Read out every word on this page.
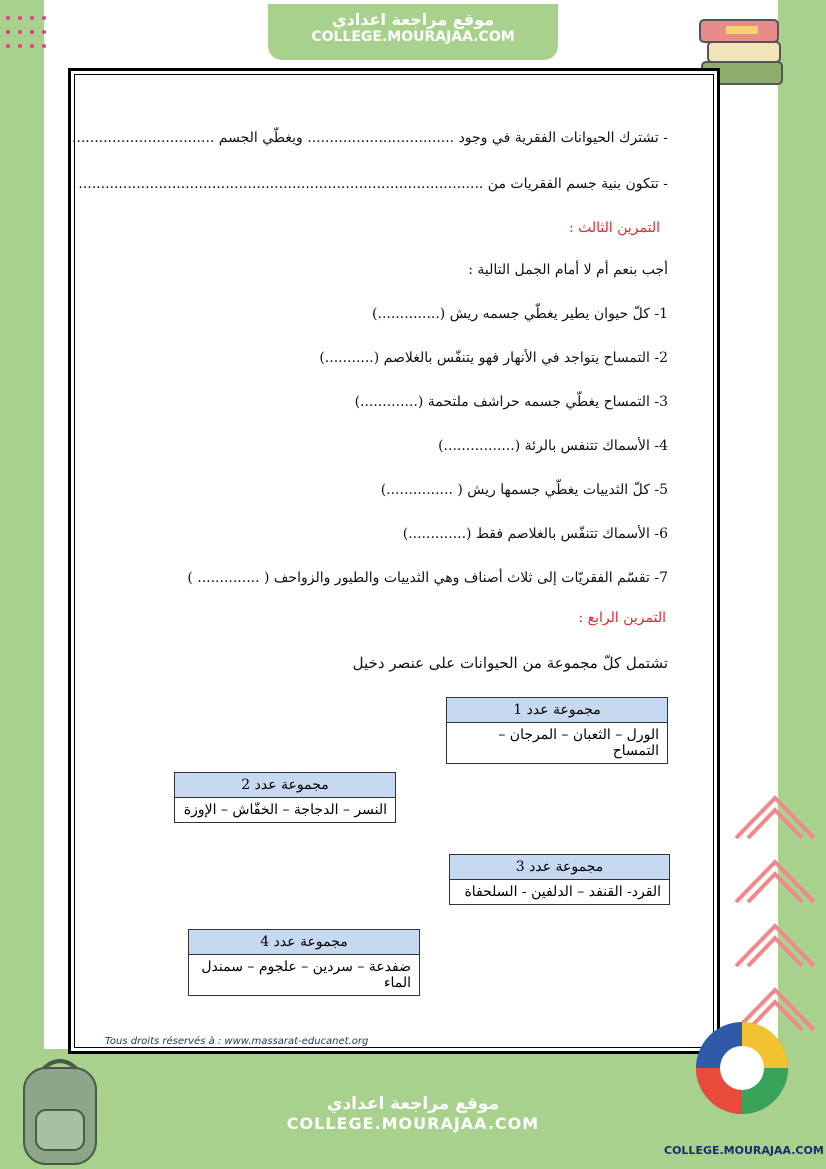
موقع مراجعة اعدادي
COLLEGE.MOURAJAA.COM
- تشترك الحيوانات الفقرية في وجود ................................. ويغطّي الجسم ................................
- تتكون بنية جسم الفقريات من ...........................................................................................
التمرين الثالث :
أجب بنعم أم لا أمام الجمل التالية :
1- كلّ حيوان يطير يغطّي جسمه ريش (..............)
2- التمساح يتواجد في الأنهار فهو يتنفّس بالغلاصم (...........)
3- التمساح يغطّي جسمه حراشف ملتحمة (.............)
4- الأسماك تتنفس بالرئة (................)
5- كلّ الثدييات يغطّي جسمها ريش ( ...............)
6- الأسماك تتنفّس بالغلاصم فقط (.............)
7- تقسّم الفقريّات إلى ثلاث أصناف وهي الثدييات والطيور والزواحف ( .............. )
التمرين الرابع :
تشتمل كلّ مجموعة من الحيوانات على عنصر دخيل
مجموعة عدد 1
الورل – الثعبان – المرجان – التمساح
مجموعة عدد 2
النسر – الدجاجة – الخفّاش – الإوزة
مجموعة عدد 3
القرد- القنفد – الدلفين - السلحفاة
مجموعة عدد 4
ضفدعة – سردين – علجوم – سمندل الماء
Tous droits réservés à : www.massarat-educanet.org
موقع مراجعة اعدادي
COLLEGE.MOURAJAA.COM
COLLEGE.MOURAJAA.COM
